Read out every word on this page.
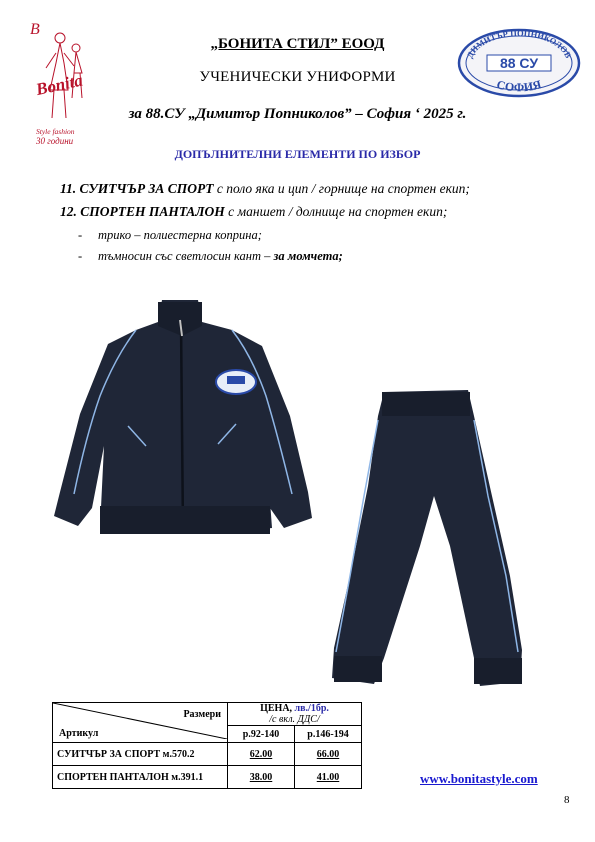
B
Bonita
Style fashion
30 години
„БОНИТА СТИЛ” ЕООД
УЧЕНИЧЕСКИ УНИФОРМИ
за 88.СУ „Димитър Попниколов” – София ‘ 2025 г.
ДИМИТЪР ПОПНИКОЛОВ
88 СУ
СОФИЯ
ДОПЪЛНИТЕЛНИ ЕЛЕМЕНТИ ПО ИЗБОР
11. СУИТЧЪР ЗА СПОРТ с поло яка и цип / горнище на спортен екип;
12. СПОРТЕН ПАНТАЛОН с маншет / долнище на спортен екип;
- трико – полиестерна коприна;
- тъмносин със светлосин кант – за момчета;
Размери
Артикул	ЦЕНА, лв./1бр.
/с вкл. ДДС/	
	р.92-140	р.146-194
СУИТЧЪР ЗА СПОРТ м.570.2	62.00	66.00
СПОРТЕН ПАНТАЛОН м.391.1	38.00	41.00	www.bonitastyle.com
8
